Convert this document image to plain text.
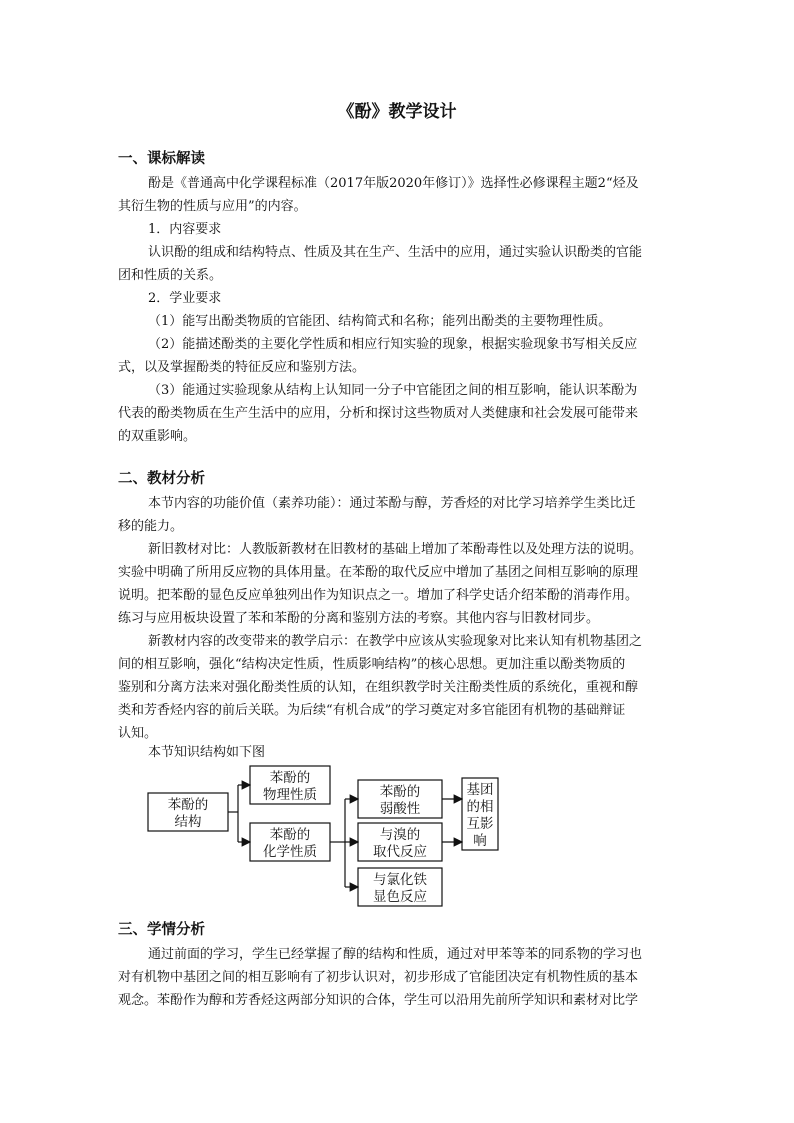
《酚》教学设计
一、课标解读
酚是《普通高中化学课程标准（2017年版2020年修订）》选择性必修课程主题2“烃及
其衍生物的性质与应用”的内容。
1．内容要求
认识酚的组成和结构特点、性质及其在生产、生活中的应用，通过实验认识酚类的官能
团和性质的关系。
2．学业要求
（1）能写出酚类物质的官能团、结构简式和名称；能列出酚类的主要物理性质。
（2）能描述酚类的主要化学性质和相应行知实验的现象，根据实验现象书写相关反应
式，以及掌握酚类的特征反应和鉴别方法。
（3）能通过实验现象从结构上认知同一分子中官能团之间的相互影响，能认识苯酚为
代表的酚类物质在生产生活中的应用，分析和探讨这些物质对人类健康和社会发展可能带来
的双重影响。
二、教材分析
本节内容的功能价值（素养功能）：通过苯酚与醇，芳香烃的对比学习培养学生类比迁
移的能力。
新旧教材对比：人教版新教材在旧教材的基础上增加了苯酚毒性以及处理方法的说明。
实验中明确了所用反应物的具体用量。在苯酚的取代反应中增加了基团之间相互影响的原理
说明。把苯酚的显色反应单独列出作为知识点之一。增加了科学史话介绍苯酚的消毒作用。
练习与应用板块设置了苯和苯酚的分离和鉴别方法的考察。其他内容与旧教材同步。
新教材内容的改变带来的教学启示：在教学中应该从实验现象对比来认知有机物基团之
间的相互影响，强化“结构决定性质，性质影响结构”的核心思想。更加注重以酚类物质的
鉴别和分离方法来对强化酚类性质的认知，在组织教学时关注酚类性质的系统化，重视和醇
类和芳香烃内容的前后关联。为后续“有机合成”的学习奠定对多官能团有机物的基础辩证
认知。
本节知识结构如下图
苯酚的
结构
苯酚的
物理性质
苯酚的
化学性质
苯酚的
弱酸性
与溴的
取代反应
与氯化铁
显色反应
基团
的相
互影
响
三、学情分析
通过前面的学习，学生已经掌握了醇的结构和性质，通过对甲苯等苯的同系物的学习也
对有机物中基团之间的相互影响有了初步认识对，初步形成了官能团决定有机物性质的基本
观念。苯酚作为醇和芳香烃这两部分知识的合体，学生可以沿用先前所学知识和素材对比学
